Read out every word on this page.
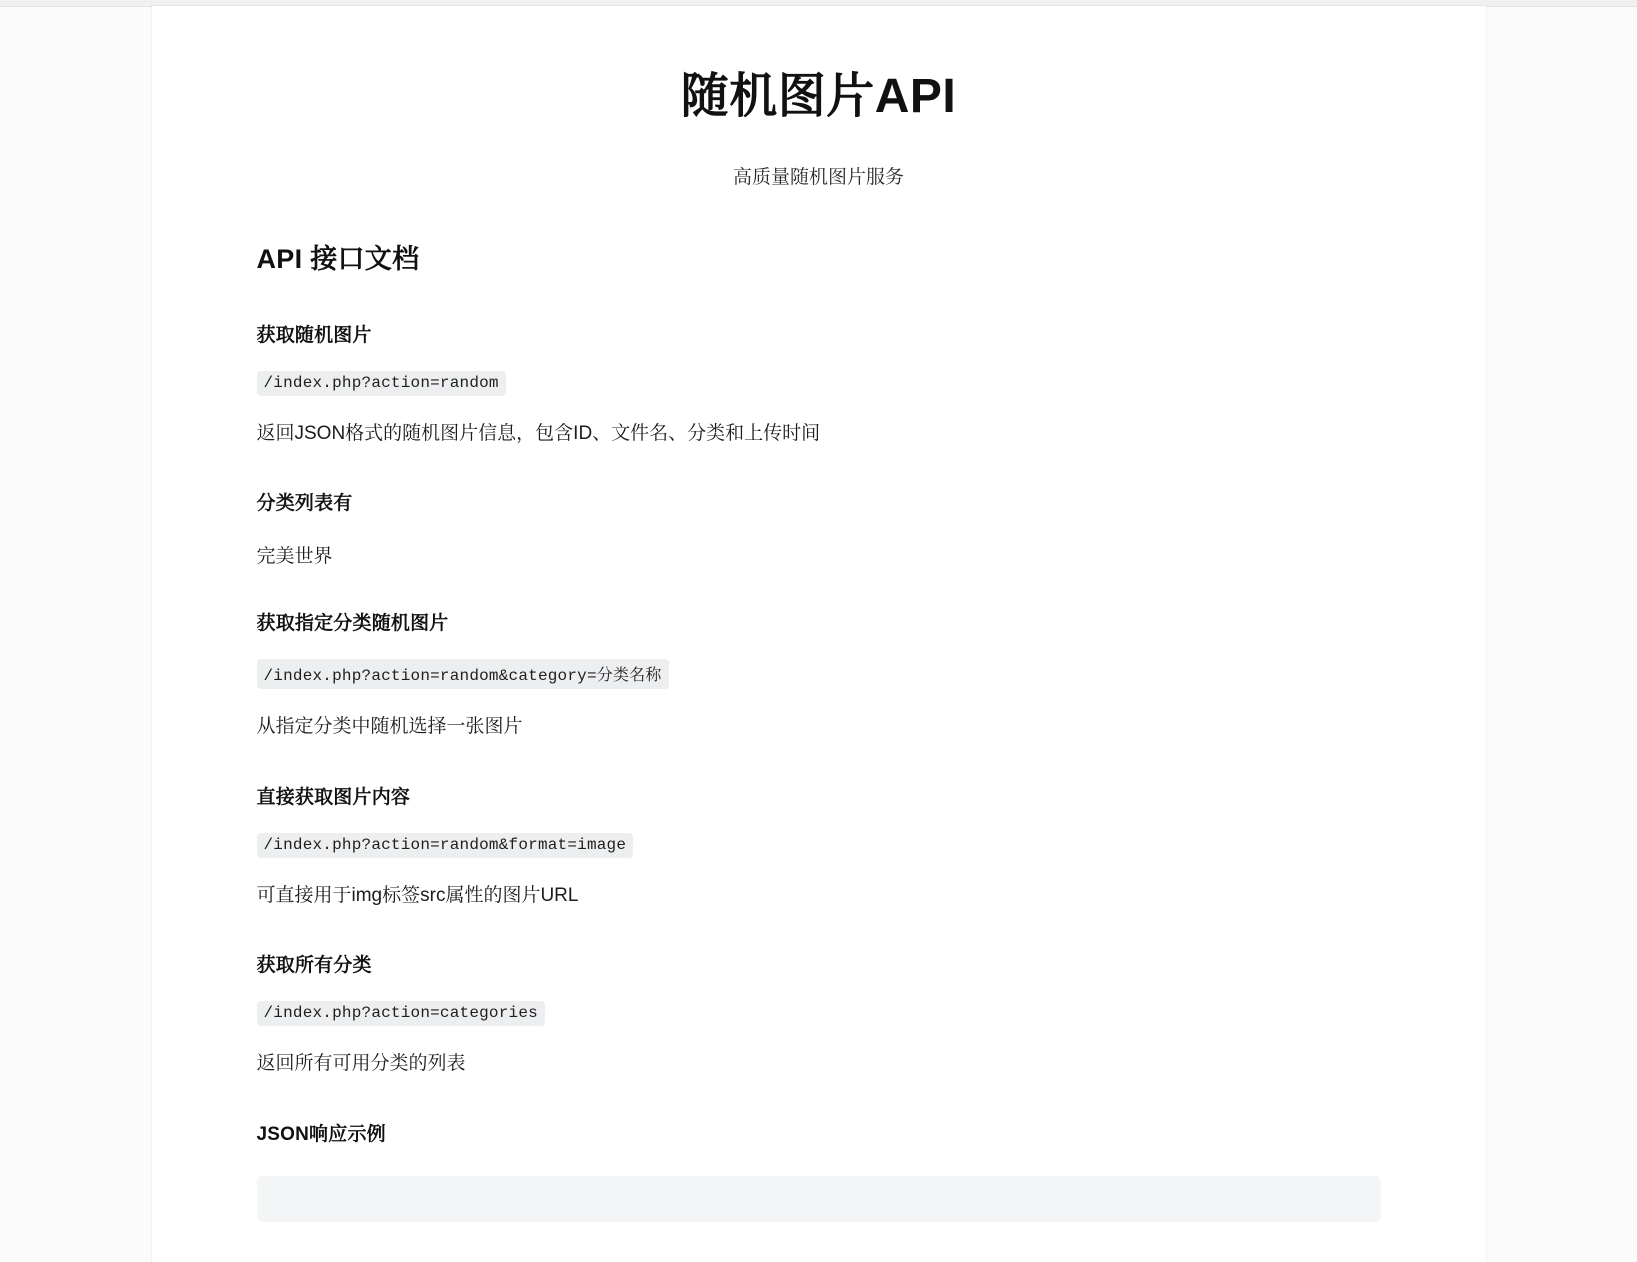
随机图片API
高质量随机图片服务
API 接口文档
获取随机图片
/index.php?action=random

返回JSON格式的随机图片信息，包含ID、文件名、分类和上传时间

分类列表有

完美世界

获取指定分类随机图片
/index.php?action=random&category=分类名称

从指定分类中随机选择一张图片

直接获取图片内容
/index.php?action=random&format=image

可直接用于img标签src属性的图片URL

获取所有分类
/index.php?action=categories

返回所有可用分类的列表

JSON响应示例
